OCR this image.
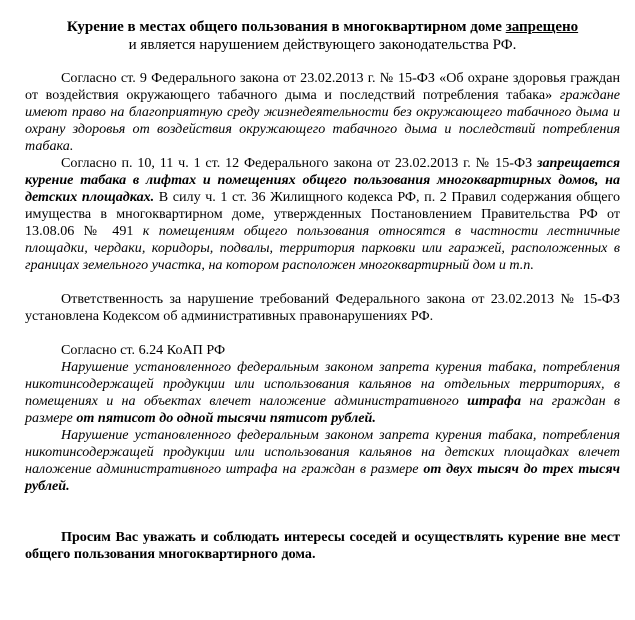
Курение в местах общего пользования в многоквартирном доме запрещено

и является нарушением действующего законодательства РФ.

Согласно ст. 9 Федерального закона от 23.02.2013 г. № 15-ФЗ «Об охране здоровья граждан от воздействия окружающего табачного дыма и последствий потребления табака» граждане имеют право на благоприятную среду жизнедеятельности без окружающего табачного дыма и охрану здоровья от воздействия окружающего табачного дыма и последствий потребления табака.

Согласно п. 10, 11 ч. 1 ст. 12 Федерального закона от 23.02.2013 г. № 15-ФЗ запрещается курение табака в лифтах и помещениях общего пользования многоквартирных домов, на детских площадках. В силу ч. 1 ст. 36 Жилищного кодекса РФ, п. 2 Правил содержания общего имущества в многоквартирном доме, утвержденных Постановлением Правительства РФ от 13.08.06 № 491 к помещениям общего пользования относятся в частности лестничные площадки, чердаки, коридоры, подвалы, территория парковки или гаражей, расположенных в границах земельного участка, на котором расположен многоквартирный дом и т.п.

Ответственность за нарушение требований Федерального закона от 23.02.2013 № 15-ФЗ установлена Кодексом об административных правонарушениях РФ.

Согласно ст. 6.24 КоАП РФ

Нарушение установленного федеральным законом запрета курения табака, потребления никотинсодержащей продукции или использования кальянов на отдельных территориях, в помещениях и на объектах влечет наложение административного штрафа на граждан в размере от пятисот до одной тысячи пятисот рублей.

Нарушение установленного федеральным законом запрета курения табака, потребления никотинсодержащей продукции или использования кальянов на детских площадках влечет наложение административного штрафа на граждан в размере от двух тысяч до трех тысяч рублей.

Просим Вас уважать и соблюдать интересы соседей и осуществлять курение вне мест общего пользования многоквартирного дома.
